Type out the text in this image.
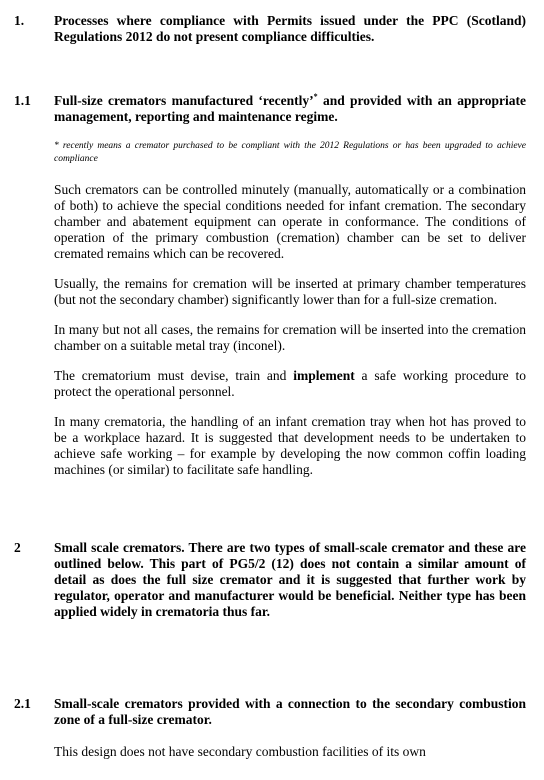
1. Processes where compliance with Permits issued under the PPC (Scotland) Regulations 2012 do not present compliance difficulties.

1.1 Full-size cremators manufactured ‘recently’* and provided with an appropriate management, reporting and maintenance regime.

* recently means a cremator purchased to be compliant with the 2012 Regulations or has been upgraded to achieve compliance

Such cremators can be controlled minutely (manually, automatically or a combination of both) to achieve the special conditions needed for infant cremation. The secondary chamber and abatement equipment can operate in conformance. The conditions of operation of the primary combustion (cremation) chamber can be set to deliver cremated remains which can be recovered.

Usually, the remains for cremation will be inserted at primary chamber temperatures (but not the secondary chamber) significantly lower than for a full-size cremation.

In many but not all cases, the remains for cremation will be inserted into the cremation chamber on a suitable metal tray (inconel).

The crematorium must devise, train and implement a safe working procedure to protect the operational personnel.

In many crematoria, the handling of an infant cremation tray when hot has proved to be a workplace hazard. It is suggested that development needs to be undertaken to achieve safe working – for example by developing the now common coffin loading machines (or similar) to facilitate safe handling.

2 Small scale cremators. There are two types of small-scale cremator and these are outlined below. This part of PG5/2 (12) does not contain a similar amount of detail as does the full size cremator and it is suggested that further work by regulator, operator and manufacturer would be beneficial. Neither type has been applied widely in crematoria thus far.

2.1 Small-scale cremators provided with a connection to the secondary combustion zone of a full-size cremator.

This design does not have secondary combustion facilities of its own
